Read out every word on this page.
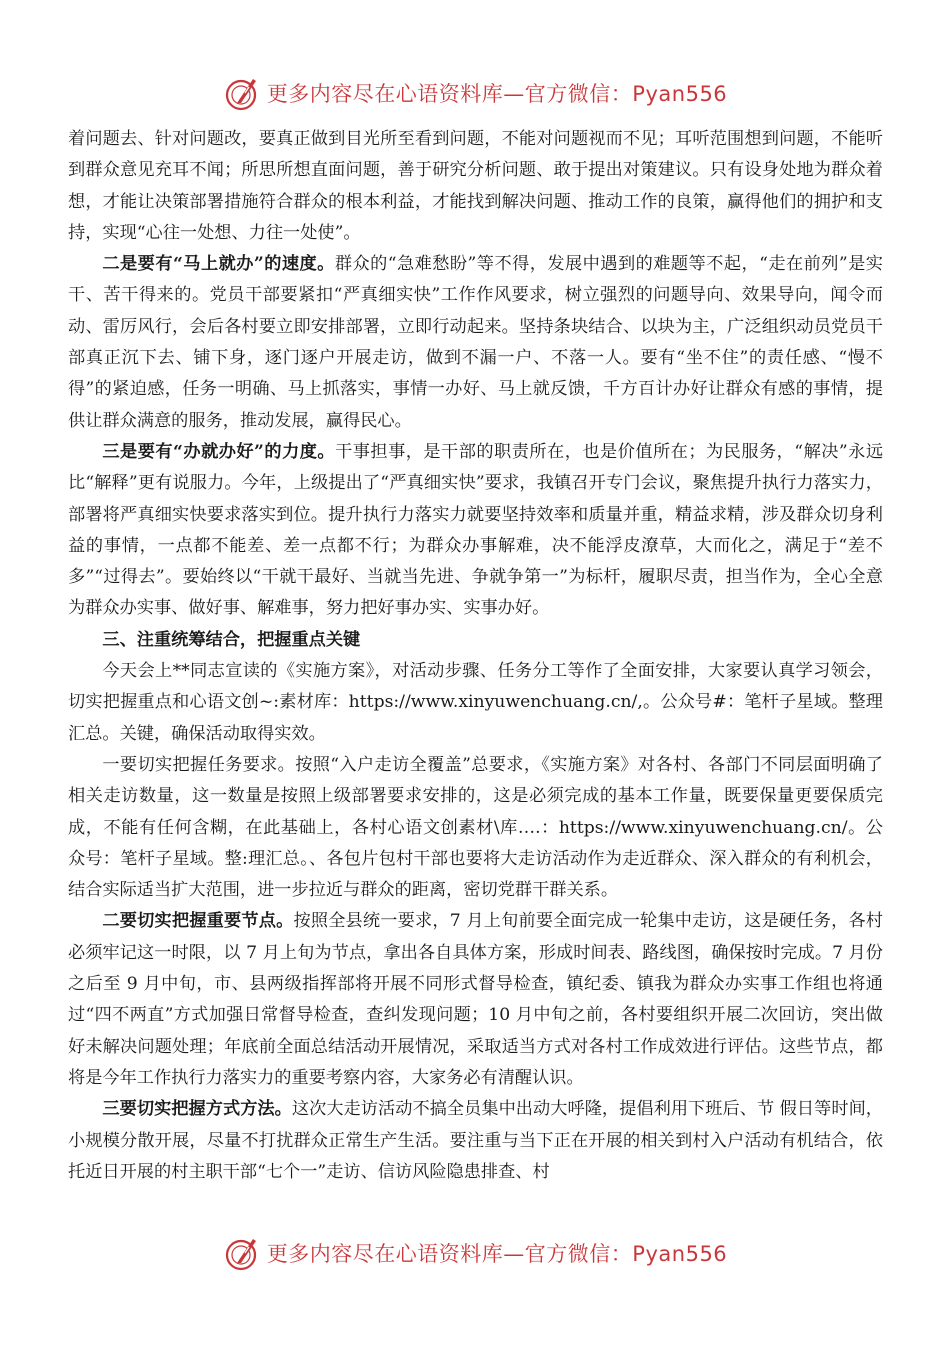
更多内容尽在心语资料库—官方微信：Pyan556

着问题去、针对问题改，要真正做到目光所至看到问题，不能对问题视而不见；耳听范围想到问题，不能听到群众意见充耳不闻；所思所想直面问题，善于研究分析问题、敢于提出对策建议。只有设身处地为群众着想，才能让决策部署措施符合群众的根本利益，才能找到解决问题、推动工作的良策，赢得他们的拥护和支持，实现“心往一处想、力往一处使”。

二是要有“马上就办”的速度。群众的“急难愁盼”等不得，发展中遇到的难题等不起，“走在前列”是实干、苦干得来的。党员干部要紧扣“严真细实快”工作作风要求，树立强烈的问题导向、效果导向，闻令而动、雷厉风行，会后各村要立即安排部署，立即行动起来。坚持条块结合、以块为主，广泛组织动员党员干部真正沉下去、铺下身，逐门逐户开展走访，做到不漏一户、不落一人。要有“坐不住”的责任感、“慢不得”的紧迫感，任务一明确、马上抓落实，事情一办好、马上就反馈，千方百计办好让群众有感的事情，提供让群众满意的服务，推动发展，赢得民心。

三是要有“办就办好”的力度。干事担事，是干部的职责所在，也是价值所在；为民服务，“解决”永远比“解释”更有说服力。今年，上级提出了“严真细实快”要求，我镇召开专门会议，聚焦提升执行力落实力，部署将严真细实快要求落实到位。提升执行力落实力就要坚持效率和质量并重，精益求精，涉及群众切身利益的事情，一点都不能差、差一点都不行；为群众办事解难，决不能浮皮潦草，大而化之，满足于“差不多”“过得去”。要始终以“干就干最好、当就当先进、争就争第一”为标杆，履职尽责，担当作为，全心全意为群众办实事、做好事、解难事，努力把好事办实、实事办好。

三、注重统筹结合，把握重点关键

今天会上**同志宣读的《实施方案》，对活动步骤、任务分工等作了全面安排，大家要认真学习领会，切实把握重点和心语文创~:素材库：https://www.xinyuwenchuang.cn/,。公众号#：笔杆子星域。整理汇总。关键，确保活动取得实效。

一要切实把握任务要求。按照“入户走访全覆盖”总要求，《实施方案》对各村、各部门不同层面明确了相关走访数量，这一数量是按照上级部署要求安排的，这是必须完成的基本工作量，既要保量更要保质完成，不能有任何含糊，在此基础上，各村心语文创素材\库….：https://www.xinyuwenchuang.cn/。公众号：笔杆子星域。整:理汇总。、各包片包村干部也要将大走访活动作为走近群众、深入群众的有利机会，结合实际适当扩大范围，进一步拉近与群众的距离，密切党群干群关系。

二要切实把握重要节点。按照全县统一要求，7 月上旬前要全面完成一轮集中走访，这是硬任务，各村必须牢记这一时限，以 7 月上旬为节点，拿出各自具体方案，形成时间表、路线图，确保按时完成。7 月份之后至 9 月中旬，市、县两级指挥部将开展不同形式督导检查，镇纪委、镇我为群众办实事工作组也将通过“四不两直”方式加强日常督导检查，查纠发现问题；10 月中旬之前，各村要组织开展二次回访，突出做好未解决问题处理；年底前全面总结活动开展情况，采取适当方式对各村工作成效进行评估。这些节点，都将是今年工作执行力落实力的重要考察内容，大家务必有清醒认识。

三要切实把握方式方法。这次大走访活动不搞全员集中出动大呼隆，提倡利用下班后、节 假日等时间，小规模分散开展，尽量不打扰群众正常生产生活。要注重与当下正在开展的相关到村入户活动有机结合，依托近日开展的村主职干部“七个一”走访、信访风险隐患排查、村

更多内容尽在心语资料库—官方微信：Pyan556
